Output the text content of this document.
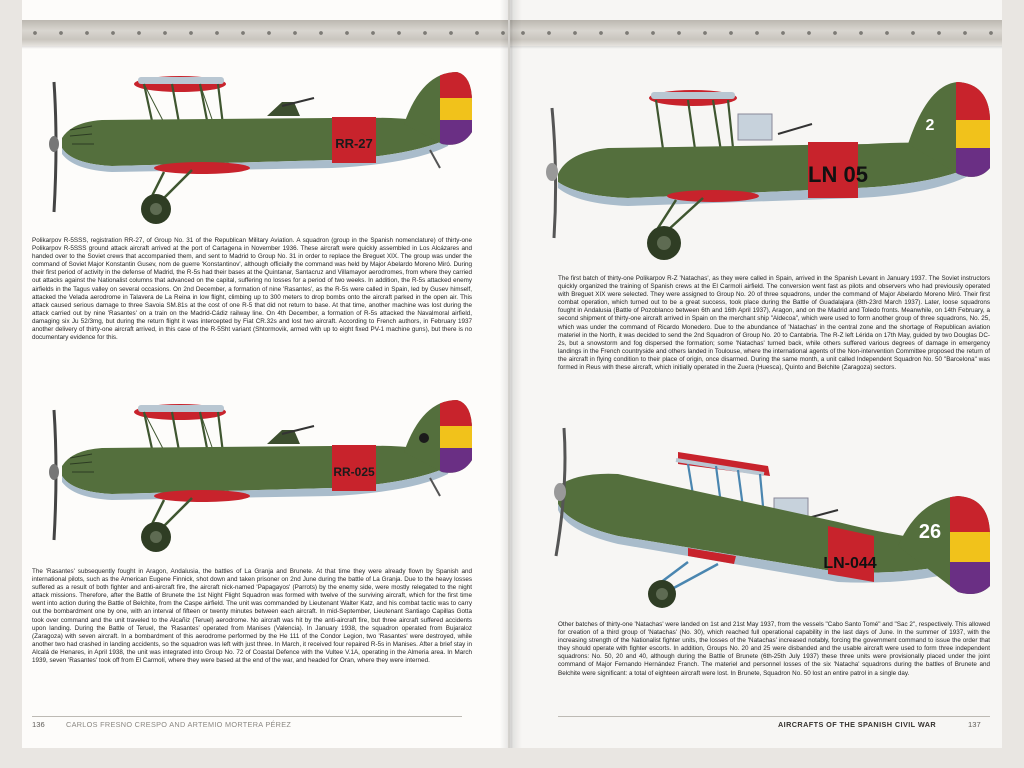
RR-27

Polikarpov R-5SSS, registration RR-27, of Group No. 31 of the Republican Military Aviation. A squadron (group in the Spanish nomenclature) of thirty-one Polikarpov R-5SSS ground attack aircraft arrived at the port of Cartagena in November 1936. These aircraft were quickly assembled in Los Alcázares and handed over to the Soviet crews that accompanied them, and sent to Madrid to Group No. 31 in order to replace the Breguet XIX. The group was under the command of Soviet Major Konstantin Gusev, nom de guerre 'Konstantinov', although officially the command was held by Major Abelardo Moreno Miró. During their first period of activity in the defense of Madrid, the R-5s had their bases at the Quintanar, Santacruz and Villamayor aerodromes, from where they carried out attacks against the Nationalist columns that advanced on the capital, suffering no losses for a period of two weeks. In addition, the R-5s attacked enemy airfields in the Tagus valley on several occasions. On 2nd December, a formation of nine 'Rasantes', as the R-5s were called in Spain, led by Gusev himself, attacked the Velada aerodrome in Talavera de La Reina in low flight, climbing up to 300 meters to drop bombs onto the aircraft parked in the open air. This attack caused serious damage to three Savoia SM.81s at the cost of one R-5 that did not return to base. At that time, another machine was lost during the attack carried out by nine 'Rasantes' on a train on the Madrid-Cádiz railway line. On 4th December, a formation of R-5s attacked the Navalmoral airfield, damaging six Ju 52/3mg, but during the return flight it was intercepted by Fiat CR.32s and lost two aircraft. According to French authors, in February 1937 another delivery of thirty-one aircraft arrived, in this case of the R-5Sht variant (Shtormovik, armed with up to eight fixed PV-1 machine guns), but there is no documentary evidence for this.

RR-025

The 'Rasantes' subsequently fought in Aragon, Andalusia, the battles of La Granja and Brunete. At that time they were already flown by Spanish and international pilots, such as the American Eugene Finnick, shot down and taken prisoner on 2nd June during the battle of La Granja. Due to the heavy losses suffered as a result of both fighter and anti-aircraft fire, the aircraft nick-named 'Papagayos' (Parrots) by the enemy side, were mostly relegated to the night attack missions. Therefore, after the Battle of Brunete the 1st Night Flight Squadron was formed with twelve of the surviving aircraft, which for the first time went into action during the Battle of Belchite, from the Caspe airfield. The unit was commanded by Lieutenant Walter Katz, and his combat tactic was to carry out the bombardment one by one, with an interval of fifteen or twenty minutes between each aircraft. In mid-September, Lieutenant Santiago Capillas Gotta took over command and the unit traveled to the Alcañiz (Teruel) aerodrome. No aircraft was hit by the anti-aircraft fire, but three aircraft suffered accidents upon landing. During the Battle of Teruel, the 'Rasantes' operated from Manises (Valencia). In January 1938, the squadron operated from Bujaraloz (Zaragoza) with seven aircraft. In a bombardment of this aerodrome performed by the He 111 of the Condor Legion, two 'Rasantes' were destroyed, while another two had crashed in landing accidents, so the squadron was left with just three. In March, it received four repaired R-5s in Manises. After a brief stay in Alcalá de Henares, in April 1938, the unit was integrated into Group No. 72 of Coastal Defence with the Vultee V.1A, operating in the Almeria area. In March 1939, seven 'Rasantes' took off from El Carmolí, where they were based at the end of the war, and headed for Oran, where they were interned.

136	CARLOS FRESNO CRESPO AND ARTEMIO MORTERA PÉREZ
LN 05
2

The first batch of thirty-one Polikarpov R-Z 'Natachas', as they were called in Spain, arrived in the Spanish Levant in January 1937. The Soviet instructors quickly organized the training of Spanish crews at the El Carmolí airfield. The conversion went fast as pilots and observers who had previously operated with Breguet XIX were selected. They were assigned to Group No. 20 of three squadrons, under the command of Major Abelardo Moreno Miró. Their first combat operation, which turned out to be a great success, took place during the Battle of Guadalajara (8th-23rd March 1937). Later, loose squadrons fought in Andalusia (Battle of Pozoblanco between 6th and 16th April 1937), Aragon, and on the Madrid and Toledo fronts. Meanwhile, on 14th February, a second shipment of thirty-one aircraft arrived in Spain on the merchant ship "Aldecoa", which were used to form another group of three squadrons, No. 25, which was under the command of Ricardo Monedero. Due to the abundance of 'Natachas' in the central zone and the shortage of Republican aviation materiel in the North, it was decided to send the 2nd Squadron of Group No. 20 to Cantabria. The R-Z left Lérida on 17th May, guided by two Douglas DC-2s, but a snowstorm and fog dispersed the formation; some 'Natachas' turned back, while others suffered various degrees of damage in emergency landings in the French countryside and others landed in Toulouse, where the international agents of the Non-intervention Committee proposed the return of the aircraft in flying condition to their place of origin, once disarmed. During the same month, a unit called Independent Squadron No. 50 "Barcelona" was formed in Reus with these aircraft, which initially operated in the Zuera (Huesca), Quinto and Belchite (Zaragoza) sectors.

LN-044
26

Other batches of thirty-one 'Natachas' were landed on 1st and 21st May 1937, from the vessels "Cabo Santo Tomé" and "Sac 2", respectively. This allowed for creation of a third group of 'Natachas' (No. 30), which reached full operational capability in the last days of June. In the summer of 1937, with the increasing strength of the Nationalist fighter units, the losses of the 'Natachas' increased notably, forcing the government command to issue the order that they should operate with fighter escorts. In addition, Groups No. 20 and 25 were disbanded and the usable aircraft were used to form three independent squadrons: No. 50, 20 and 40, although during the Battle of Brunete (6th-25th July 1937) these three units were provisionally placed under the joint command of Major Fernando Hernández Franch. The materiel and personnel losses of the six 'Natacha' squadrons during the battles of Brunete and Belchite were significant: a total of eighteen aircraft were lost. In Brunete, Squadron No. 50 lost an entire patrol in a single day.

AIRCRAFTS OF THE SPANISH CIVIL WAR	137
